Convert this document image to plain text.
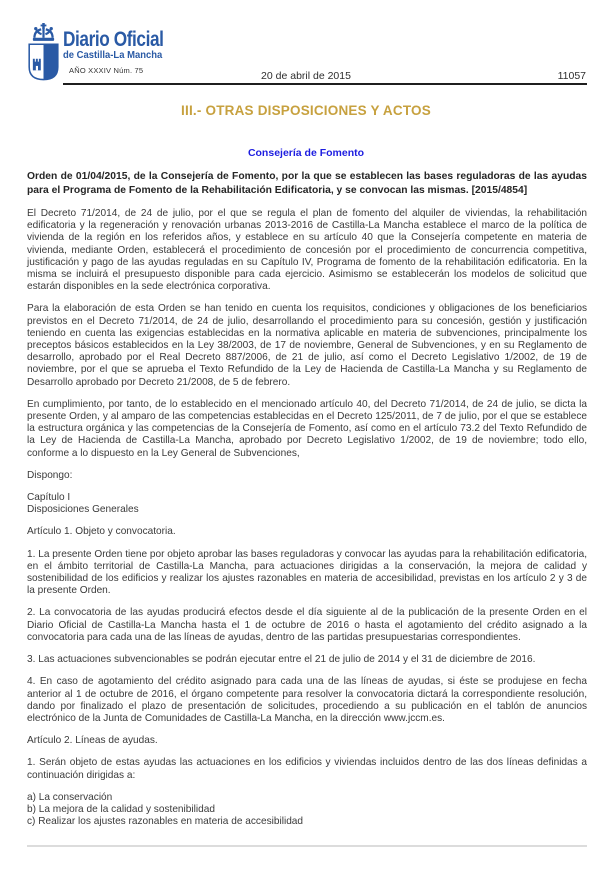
Diario Oficial
de Castilla-La Mancha
AÑO XXXIV Núm. 75	20 de abril de 2015	11057
III.- OTRAS DISPOSICIONES Y ACTOS
Consejería de Fomento
Orden de 01/04/2015, de la Consejería de Fomento, por la que se establecen las bases reguladoras de las ayudas para el Programa de Fomento de la Rehabilitación Edificatoria, y se convocan las mismas. [2015/4854]

El Decreto 71/2014, de 24 de julio, por el que se regula el plan de fomento del alquiler de viviendas, la rehabilitación edificatoria y la regeneración y renovación urbanas 2013-2016 de Castilla-La Mancha establece el marco de la política de vivienda de la región en los referidos años, y establece en su artículo 40 que la Consejería competente en materia de vivienda, mediante Orden, establecerá el procedimiento de concesión por el procedimiento de concurrencia competitiva, justificación y pago de las ayudas reguladas en su Capítulo IV, Programa de fomento de la rehabilitación edificatoria. En la misma se incluirá el presupuesto disponible para cada ejercicio. Asimismo se establecerán los modelos de solicitud que estarán disponibles en la sede electrónica corporativa.

Para la elaboración de esta Orden se han tenido en cuenta los requisitos, condiciones y obligaciones de los beneficiarios previstos en el Decreto 71/2014, de 24 de julio, desarrollando el procedimiento para su concesión, gestión y justificación teniendo en cuenta las exigencias establecidas en la normativa aplicable en materia de subvenciones, principalmente los preceptos básicos establecidos en la Ley 38/2003, de 17 de noviembre, General de Subvenciones, y en su Reglamento de desarrollo, aprobado por el Real Decreto 887/2006, de 21 de julio, así como el Decreto Legislativo 1/2002, de 19 de noviembre, por el que se aprueba el Texto Refundido de la Ley de Hacienda de Castilla-La Mancha y su Reglamento de Desarrollo aprobado por Decreto 21/2008, de 5 de febrero.

En cumplimiento, por tanto, de lo establecido en el mencionado artículo 40, del Decreto 71/2014, de 24 de julio, se dicta la presente Orden, y al amparo de las competencias establecidas en el Decreto 125/2011, de 7 de julio, por el que se establece la estructura orgánica y las competencias de la Consejería de Fomento, así como en el artículo 73.2 del Texto Refundido de la Ley de Hacienda de Castilla-La Mancha, aprobado por Decreto Legislativo 1/2002, de 19 de noviembre; todo ello, conforme a lo dispuesto en la Ley General de Subvenciones,

Dispongo:

Capítulo I

Disposiciones Generales

Artículo 1. Objeto y convocatoria.

1. La presente Orden tiene por objeto aprobar las bases reguladoras y convocar las ayudas para la rehabilitación edificatoria, en el ámbito territorial de Castilla-La Mancha, para actuaciones dirigidas a la conservación, la mejora de calidad y sostenibilidad de los edificios y realizar los ajustes razonables en materia de accesibilidad, previstas en los artículo 2 y 3 de la presente Orden.

2. La convocatoria de las ayudas producirá efectos desde el día siguiente al de la publicación de la presente Orden en el Diario Oficial de Castilla-La Mancha hasta el 1 de octubre de 2016 o hasta el agotamiento del crédito asignado a la convocatoria para cada una de las líneas de ayudas, dentro de las partidas presupuestarias correspondientes.

3. Las actuaciones subvencionables se podrán ejecutar entre el 21 de julio de 2014 y el 31 de diciembre de 2016.

4. En caso de agotamiento del crédito asignado para cada una de las líneas de ayudas, si éste se produjese en fecha anterior al 1 de octubre de 2016, el órgano competente para resolver la convocatoria dictará la correspondiente resolución, dando por finalizado el plazo de presentación de solicitudes, procediendo a su publicación en el tablón de anuncios electrónico de la Junta de Comunidades de Castilla-La Mancha, en la dirección www.jccm.es.

Artículo 2. Líneas de ayudas.

1. Serán objeto de estas ayudas las actuaciones en los edificios y viviendas incluidos dentro de las dos líneas definidas a continuación dirigidas a:

a) La conservación

b) La mejora de la calidad y sostenibilidad

c) Realizar los ajustes razonables en materia de accesibilidad
